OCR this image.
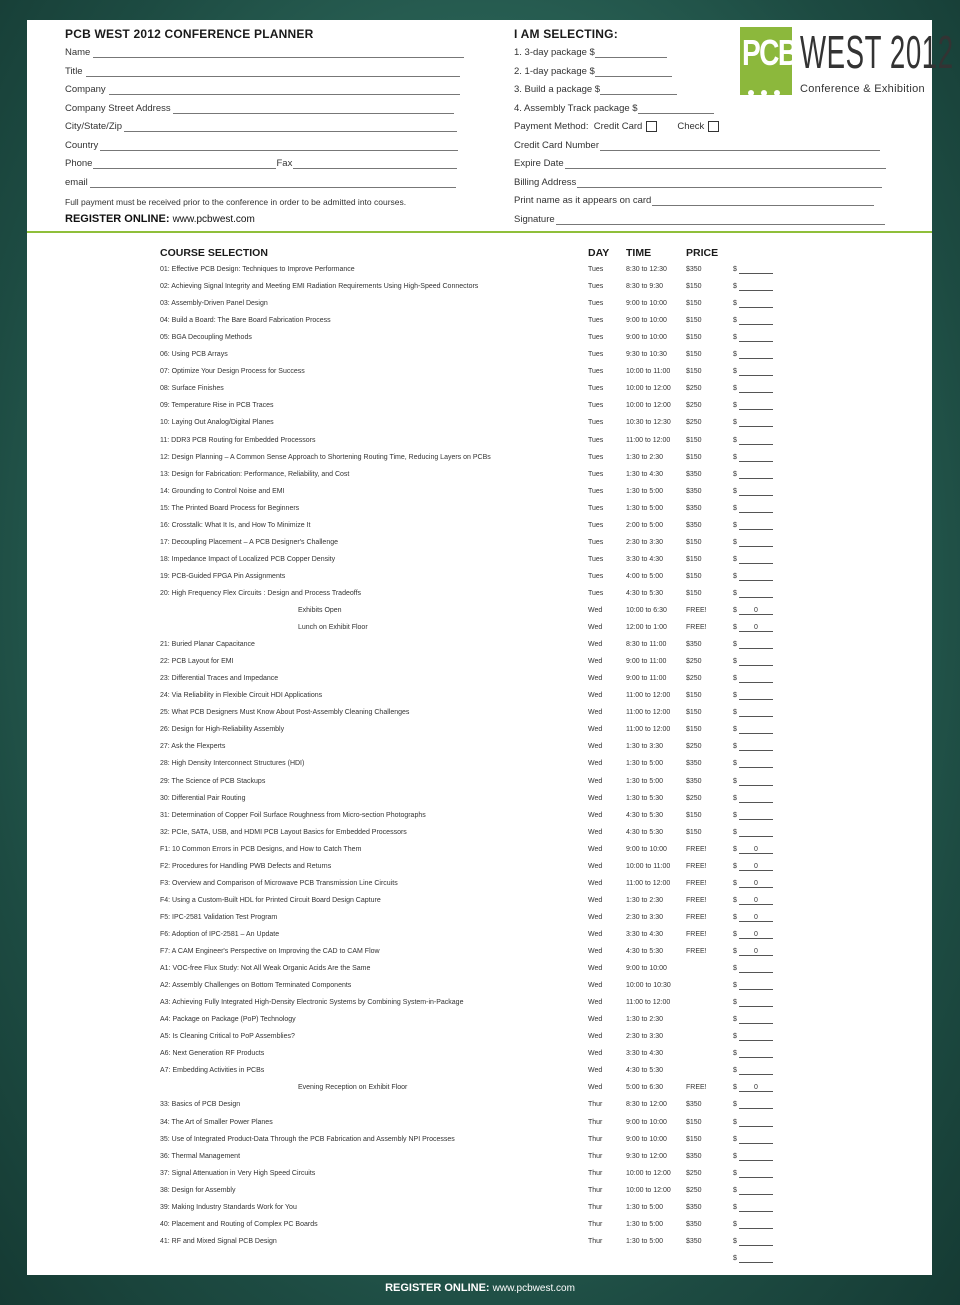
PCB WEST 2012 CONFERENCE PLANNER
Name
Title
Company
Company Street Address
City/State/Zip
Country
Phone	Fax
email
Full payment must be received prior to the conference in order to be admitted into courses.
REGISTER ONLINE: www.pcbwest.com
I AM SELECTING:
1. 3-day package $
2. 1-day package $
3. Build a package $
4. Assembly Track package $
Payment Method:
Credit Card	Check
Credit Card Number
Expire Date
Billing Address
Print name as it appears on card
Signature
PCB WEST 2012
Conference & Exhibition
COURSE SELECTION	DAY TIME	PRICE
01: Effective PCB Design: Techniques to Improve Performance	Tues	8:30 to 12:30	$350	$
02: Achieving Signal Integrity and Meeting EMI Radiation Requirements Using High-Speed Connectors	Tues	8:30 to 9:30	$150	$
03: Assembly-Driven Panel Design	Tues	9:00 to 10:00	$150	$
04: Build a Board: The Bare Board Fabrication Process	Tues	9:00 to 10:00	$150	$
05: BGA Decoupling Methods	Tues	9:00 to 10:00	$150	$
06: Using PCB Arrays	Tues	9:30 to 10:30	$150	$
07: Optimize Your Design Process for Success	Tues	10:00 to 11:00 $150	$
08: Surface Finishes	Tues	10:00 to 12:00 $250	$
09: Temperature Rise in PCB Traces	Tues	10:00 to 12:00 $250	$
10: Laying Out Analog/Digital Planes	Tues	10:30 to 12:30 $250	$
11: DDR3 PCB Routing for Embedded Processors	Tues	11:00 to 12:00 $150	$
12: Design Planning – A Common Sense Approach to Shortening Routing Time, Reducing Layers on PCBs	Tues	1:30 to 2:30	$150	$
13: Design for Fabrication: Performance, Reliability, and Cost	Tues	1:30 to 4:30	$350	$
14: Grounding to Control Noise and EMI	Tues	1:30 to 5:00	$350	$
15: The Printed Board Process for Beginners	Tues	1:30 to 5:00	$350	$
16: Crosstalk: What It Is, and How To Minimize It	Tues	2:00 to 5:00	$350	$
17: Decoupling Placement – A PCB Designer's Challenge	Tues	2:30 to 3:30	$150	$
18: Impedance Impact of Localized PCB Copper Density	Tues	3:30 to 4:30	$150	$
19: PCB-Guided FPGA Pin Assignments	Tues	4:00 to 5:00	$150	$
20: High Frequency Flex Circuits : Design and Process Tradeoffs	Tues	4:30 to 5:30	$150	$
Exhibits Open	Wed	10:00 to 6:30	FREE!	$	0
Lunch on Exhibit Floor	Wed	12:00 to 1:00	FREE!	$	0
21: Buried Planar Capacitance	Wed	8:30 to 11:00	$350	$
22: PCB Layout for EMI	Wed	9:00 to 11:00	$250	$
23: Differential Traces and Impedance	Wed	9:00 to 11:00	$250	$
24: Via Reliability in Flexible Circuit HDI Applications	Wed	11:00 to 12:00 $150	$
25: What PCB Designers Must Know About Post-Assembly Cleaning Challenges	Wed	11:00 to 12:00 $150	$
26: Design for High-Reliability Assembly	Wed	11:00 to 12:00 $150	$
27: Ask the Flexperts	Wed	1:30 to 3:30	$250	$
28: High Density Interconnect Structures (HDI)	Wed	1:30 to 5:00	$350	$
29: The Science of PCB Stackups	Wed	1:30 to 5:00	$350	$
30: Differential Pair Routing	Wed	1:30 to 5:30	$250	$
31: Determination of Copper Foil Surface Roughness from Micro-section Photographs	Wed	4:30 to 5:30	$150	$
32: PCIe, SATA, USB, and HDMI PCB Layout Basics for Embedded Processors	Wed	4:30 to 5:30	$150	$
F1: 10 Common Errors in PCB Designs, and How to Catch Them	Wed	9:00 to 10:00	FREE!	$	0
F2: Procedures for Handling PWB Defects and Returns	Wed	10:00 to 11:00 FREE!	$	0
F3: Overview and Comparison of Microwave PCB Transmission Line Circuits	Wed	11:00 to 12:00 FREE!	$	0
F4: Using a Custom-Built HDL for Printed Circuit Board Design Capture	Wed	1:30 to 2:30	FREE!	$	0
F5: IPC-2581 Validation Test Program	Wed	2:30 to 3:30	FREE!	$	0
F6: Adoption of IPC-2581 – An Update	Wed	3:30 to 4:30	FREE!	$	0
F7: A CAM Engineer's Perspective on Improving the CAD to CAM Flow	Wed	4:30 to 5:30	FREE!	$	0
A1: VOC-free Flux Study: Not All Weak Organic Acids Are the Same	Wed	9:00 to 10:00	$
A2: Assembly Challenges on Bottom Terminated Components	Wed	10:00 to 10:30	$
A3: Achieving Fully Integrated High-Density Electronic Systems by Combining System-in-Package	Wed	11:00 to 12:00	$
A4: Package on Package (PoP) Technology	Wed	1:30 to 2:30	$
A5: Is Cleaning Critical to PoP Assemblies?	Wed	2:30 to 3:30	$
A6: Next Generation RF Products	Wed	3:30 to 4:30	$
A7: Embedding Activities in PCBs	Wed	4:30 to 5:30	$
Evening Reception on Exhibit Floor	Wed	5:00 to 6:30	FREE!	$	0
33: Basics of PCB Design	Thur	8:30 to 12:00	$350	$
34: The Art of Smaller Power Planes	Thur	9:00 to 10:00	$150	$
35: Use of Integrated Product-Data Through the PCB Fabrication and Assembly NPI Processes	Thur	9:00 to 10:00	$150	$
36: Thermal Management	Thur	9:30 to 12:00	$350	$
37: Signal Attenuation in Very High Speed Circuits	Thur	10:00 to 12:00 $250	$
38: Design for Assembly	Thur	10:00 to 12:00 $250	$
39: Making Industry Standards Work for You	Thur	1:30 to 5:00	$350	$
40: Placement and Routing of Complex PC Boards	Thur	1:30 to 5:00	$350	$
41: RF and Mixed Signal PCB Design	Thur	1:30 to 5:00	$350	$
$
REGISTER ONLINE: www.pcbwest.com
